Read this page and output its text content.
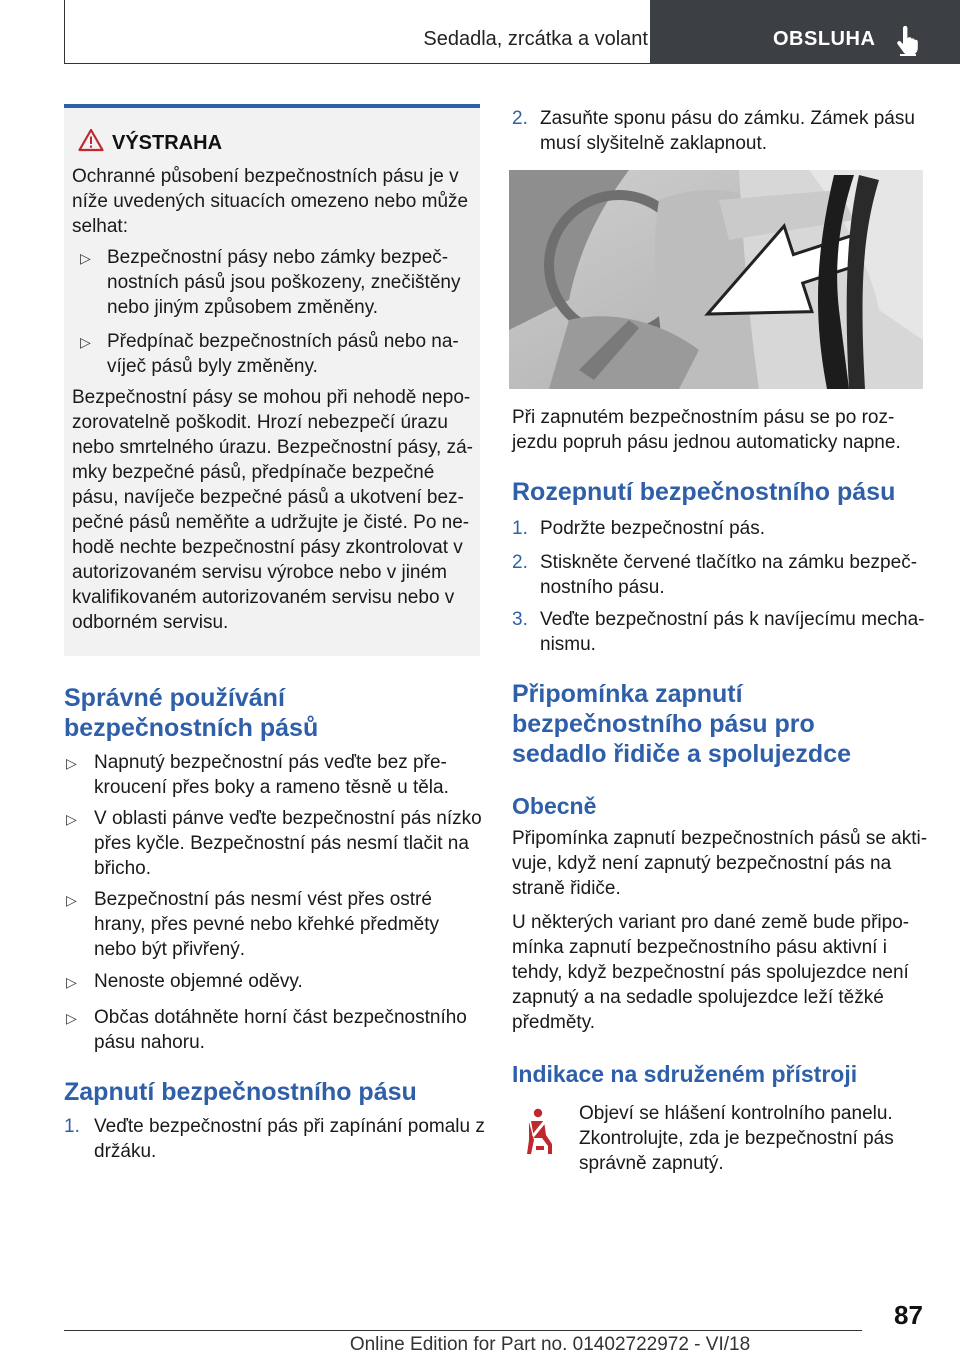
Sedadla, zrcátka a volant	OBSLUHA
VÝSTRAHA

Ochranné působení bezpečnostních pásu je v

níže uvedených situacích omezeno nebo může

selhat:

▷ Bezpečnostní pásy nebo zámky bezpeč‐

nostních pásů jsou poškozeny, znečištěny

nebo jiným způsobem změněny.

▷ Předpínač bezpečnostních pásů nebo na‐

víječ pásů byly změněny.

Bezpečnostní pásy se mohou při nehodě nepo‐

zorovatelně poškodit. Hrozí nebezpečí úrazu

nebo smrtelného úrazu. Bezpečnostní pásy, zá‐

mky bezpečné pásů, předpínače bezpečné

pásu, navíječe bezpečné pásů a ukotvení bez‐

pečné pásů neměňte a udržujte je čisté. Po ne‐

hodě nechte bezpečnostní pásy zkontrolovat v

autorizovaném servisu výrobce nebo v jiném

kvalifikovaném autorizovaném servisu nebo v

odborném servisu.

Správné používání
bezpečnostních pásů
▷ Napnutý bezpečnostní pás veďte bez pře‐

kroucení přes boky a rameno těsně u těla.

▷ V oblasti pánve veďte bezpečnostní pás nízko

přes kyčle. Bezpečnostní pás nesmí tlačit na

břicho.

▷ Bezpečnostní pás nesmí vést přes ostré

hrany, přes pevné nebo křehké předměty

nebo být přivřený.

▷ Nenoste objemné oděvy.

▷ Občas dotáhněte horní část bezpečnostního

pásu nahoru.

Zapnutí bezpečnostního pásu
1. Veďte bezpečnostní pás při zapínání pomalu z

držáku.

2. Zasuňte sponu pásu do zámku. Zámek pásu

musí slyšitelně zaklapnout.

Při zapnutém bezpečnostním pásu se po roz‐

jezdu popruh pásu jednou automaticky napne.

Rozepnutí bezpečnostního pásu
1. Podržte bezpečnostní pás.

2. Stiskněte červené tlačítko na zámku bezpeč‐

nostního pásu.

3. Veďte bezpečnostní pás k navíjecímu mecha‐

nismu.

Připomínka zapnutí
bezpečnostního pásu pro
sedadlo řidiče a spolujezdce
Obecně

Připomínka zapnutí bezpečnostních pásů se akti‐

vuje, když není zapnutý bezpečnostní pás na

straně řidiče.

U některých variant pro dané země bude připo‐

mínka zapnutí bezpečnostního pásu aktivní i

tehdy, když bezpečnostní pás spolujezdce není

zapnutý a na sedadle spolujezdce leží těžké

předměty.

Indikace na sdruženém přístroji

Objeví se hlášení kontrolního panelu.

Zkontrolujte, zda je bezpečnostní pás

správně zapnutý.

87
Online Edition for Part no. 01402722972 - VI/18
